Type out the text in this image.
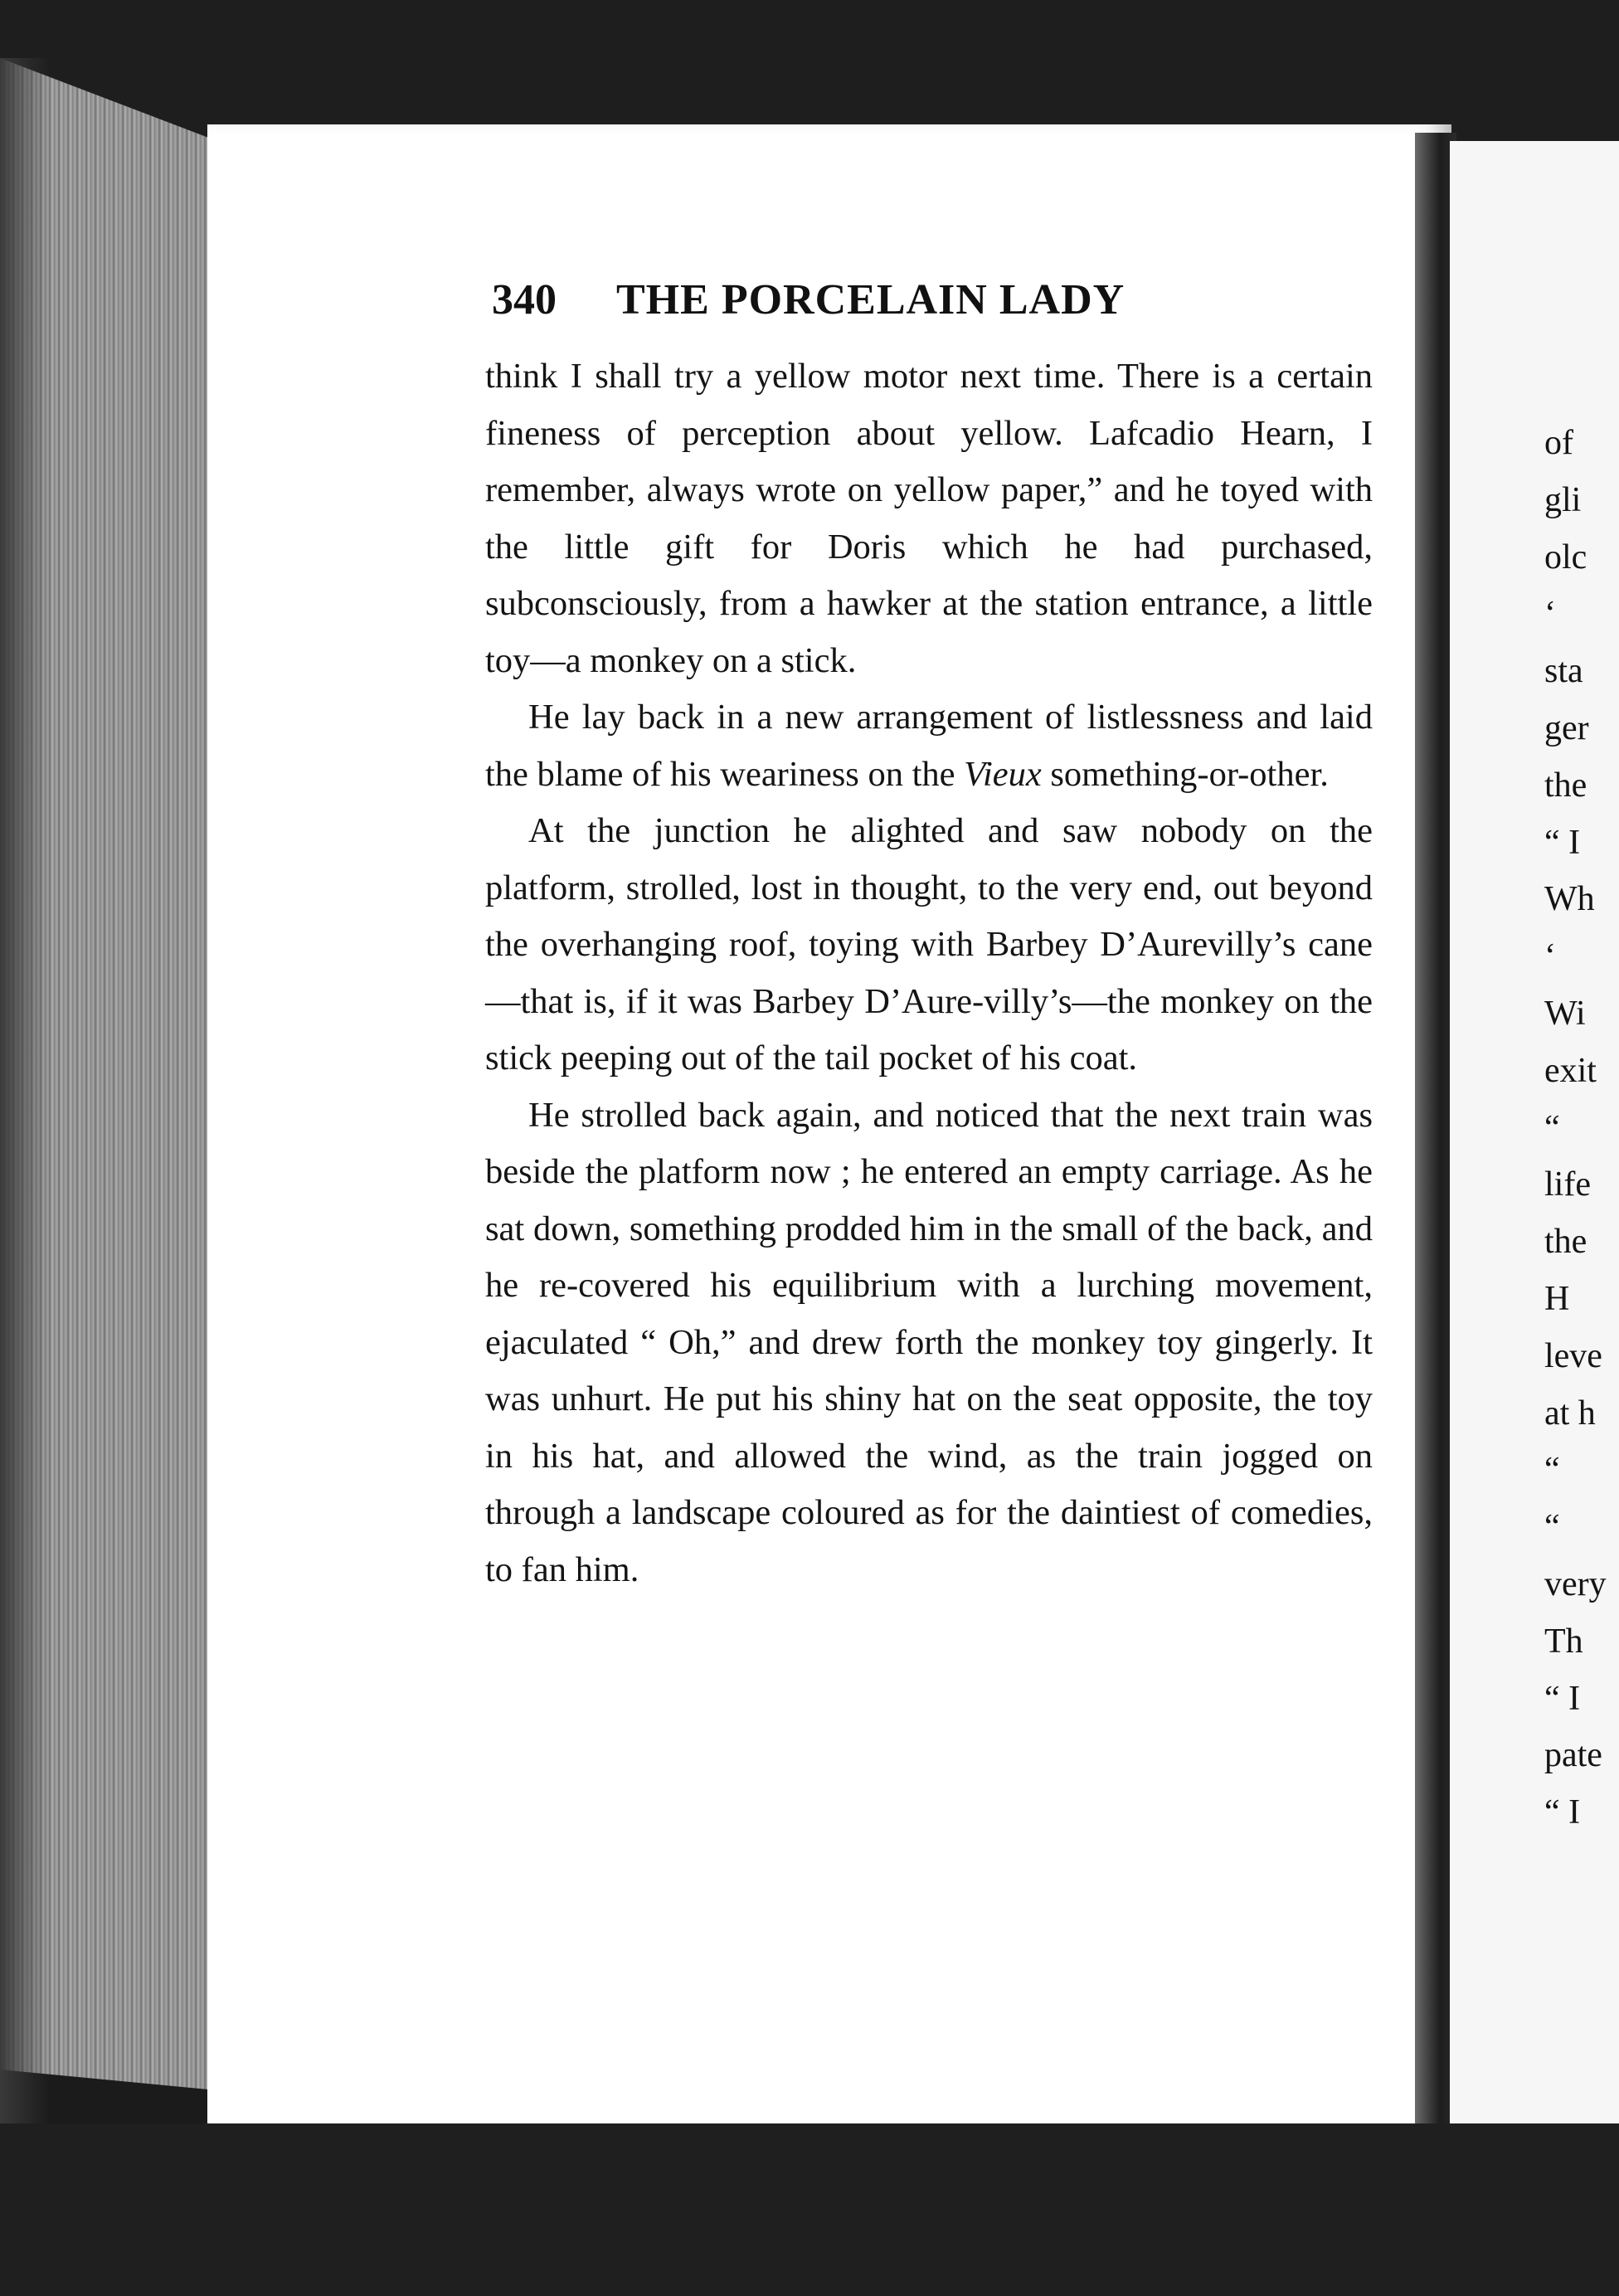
340 THE PORCELAIN LADY

think I shall try a yellow motor next time. There is a certain fineness of perception about yellow. Lafcadio Hearn, I remember, always wrote on yellow paper,” and he toyed with the little gift for Doris which he had purchased, subconsciously, from a hawker at the station entrance, a little toy—a monkey on a stick.

He lay back in a new arrangement of listlessness and laid the blame of his weariness on the Vieux something-or-other.

At the junction he alighted and saw nobody on the platform, strolled, lost in thought, to the very end, out beyond the overhanging roof, toying with Barbey D’Aurevilly’s cane—that is, if it was Barbey D’Aure-villy’s—the monkey on the stick peeping out of the tail pocket of his coat.

He strolled back again, and noticed that the next train was beside the platform now ; he entered an empty carriage. As he sat down, something prodded him in the small of the back, and he re-covered his equilibrium with a lurching movement, ejaculated “ Oh,” and drew forth the monkey toy gingerly. It was unhurt. He put his shiny hat on the seat opposite, the toy in his hat, and allowed the wind, as the train jogged on through a landscape coloured as for the daintiest of comedies, to fan him.

of
gli
olc
‘
sta
ger
the
“ I
Wh
‘
Wi
exit
“
life
the
H
leve
at h
“
“
very
Th
“ I
pate
“ I
